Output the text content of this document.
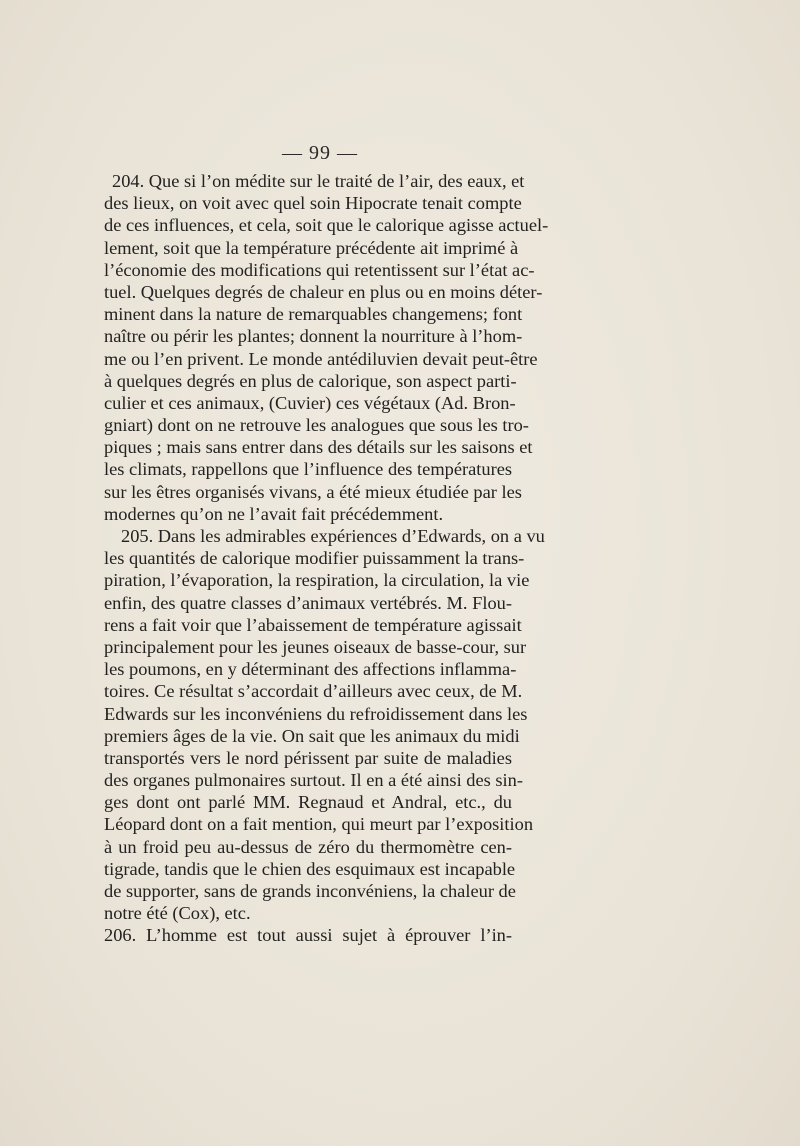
— 99 —
204. Que si l’on médite sur le traité de l’air, des eaux, et
des lieux, on voit avec quel soin Hipocrate tenait compte
de ces influences, et cela, soit que le calorique agisse actuel-
lement, soit que la température précédente ait imprimé à
l’économie des modifications qui retentissent sur l’état ac-
tuel. Quelques degrés de chaleur en plus ou en moins déter-
minent dans la nature de remarquables changemens; font
naître ou périr les plantes; donnent la nourriture à l’hom-
me ou l’en privent. Le monde antédiluvien devait peut-être
à quelques degrés en plus de calorique, son aspect parti-
culier et ces animaux, (Cuvier) ces végétaux (Ad. Bron-
gniart) dont on ne retrouve les analogues que sous les tro-
piques ; mais sans entrer dans des détails sur les saisons et
les climats, rappellons que l’influence des températures
sur les êtres organisés vivans, a été mieux étudiée par les
modernes qu’on ne l’avait fait précédemment.
205. Dans les admirables expériences d’Edwards, on a vu
les quantités de calorique modifier puissamment la trans-
piration, l’évaporation, la respiration, la circulation, la vie
enfin, des quatre classes d’animaux vertébrés. M. Flou-
rens a fait voir que l’abaissement de température agissait
principalement pour les jeunes oiseaux de basse-cour, sur
les poumons, en y déterminant des affections inflamma-
toires. Ce résultat s’accordait d’ailleurs avec ceux, de M.
Edwards sur les inconvéniens du refroidissement dans les
premiers âges de la vie. On sait que les animaux du midi
transportés vers le nord périssent par suite de maladies
des organes pulmonaires surtout. Il en a été ainsi des sin-
ges dont ont parlé MM. Regnaud et Andral, etc., du
Léopard dont on a fait mention, qui meurt par l’exposition
à un froid peu au-dessus de zéro du thermomètre cen-
tigrade, tandis que le chien des esquimaux est incapable
de supporter, sans de grands inconvéniens, la chaleur de
notre été (Cox), etc.
206. L’homme est tout aussi sujet à éprouver l’in-
